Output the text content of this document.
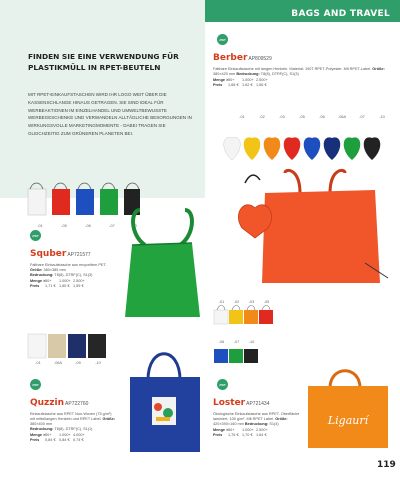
BAGS AND TRAVEL
FINDEN SIE EINE VERWENDUNG FÜR PLASTIKMÜLL IN RPET-BEUTELN
MIT RPET-EINKAUFSTASCHEN WIRD IHR LOGO WEIT ÜBER DIE KASSENSCHLANGE HINAUS GETRAGEN. SIE SIND IDEAL FÜR WERBEAKTIONEN IM EINZELHANDEL UND UMWELTBEWUSSTE WERBEGESCHENKE UND VERWANDELN ALLTÄGLICHE BESORGUNGEN IN WIRKUNGSVOLLE MARKETINGMOMENTE - DABEI TRAGEN SIE GLEICHZEITIG ZUM GRÜNEREN PLANETEN BEI.
rPET
BerberAP809529
Faltbare Einkaufstasche mit langen Henkeln. Material: 190T RPET-Polyester. Mit RPET-Label. Größe: 380×420 mm Bedruckung: T8(8), DTRF(C), S1(3)
Menge >50+ 1.000+ 2.500+
Preis 1,68 € 1,62 € 1,56 €
-01	-02	-03	-05	-06	-06A	-07	-10
-01	-05	-06	-07	-10
rPET
SquberAP721577
Faltbare Einkaufstasche aus recyceltem PET. Größe: 380×385 mm
Bedruckung: T8(8), DTRF(C), S1(3)
Menge >50+ 1.000+ 2.500+
Preis 1,71 € 1,65 € 1,59 €
-01	-06A	-09	-10
rPET
QuzzinAP722760
Einkaufstasche aus RPET Non-Woven (75 g/m²) mit mittellangen Henkeln und RPET Label. Größe: 380×400 mm
Bedruckung: T8(8), DTRF(C), S1(1)
Menge >50+ 1.000+ 4.000+
Preis 0,84 € 0,84 € 0,74 €
-01	-02	-03	-05
-06	-07	-10
rPET
LosterAP721434
Ökologische Einkaufstasche aus RPET. Oberfläche laminiert, 105 g/m². Mit RPET Label. Größe: 420×390×160 mm Bedruckung: S1(4)
Menge >50+ 1.000+ 2.500+
Preis 1,76 € 1,70 € 1,64 €
Ligaurí
119
